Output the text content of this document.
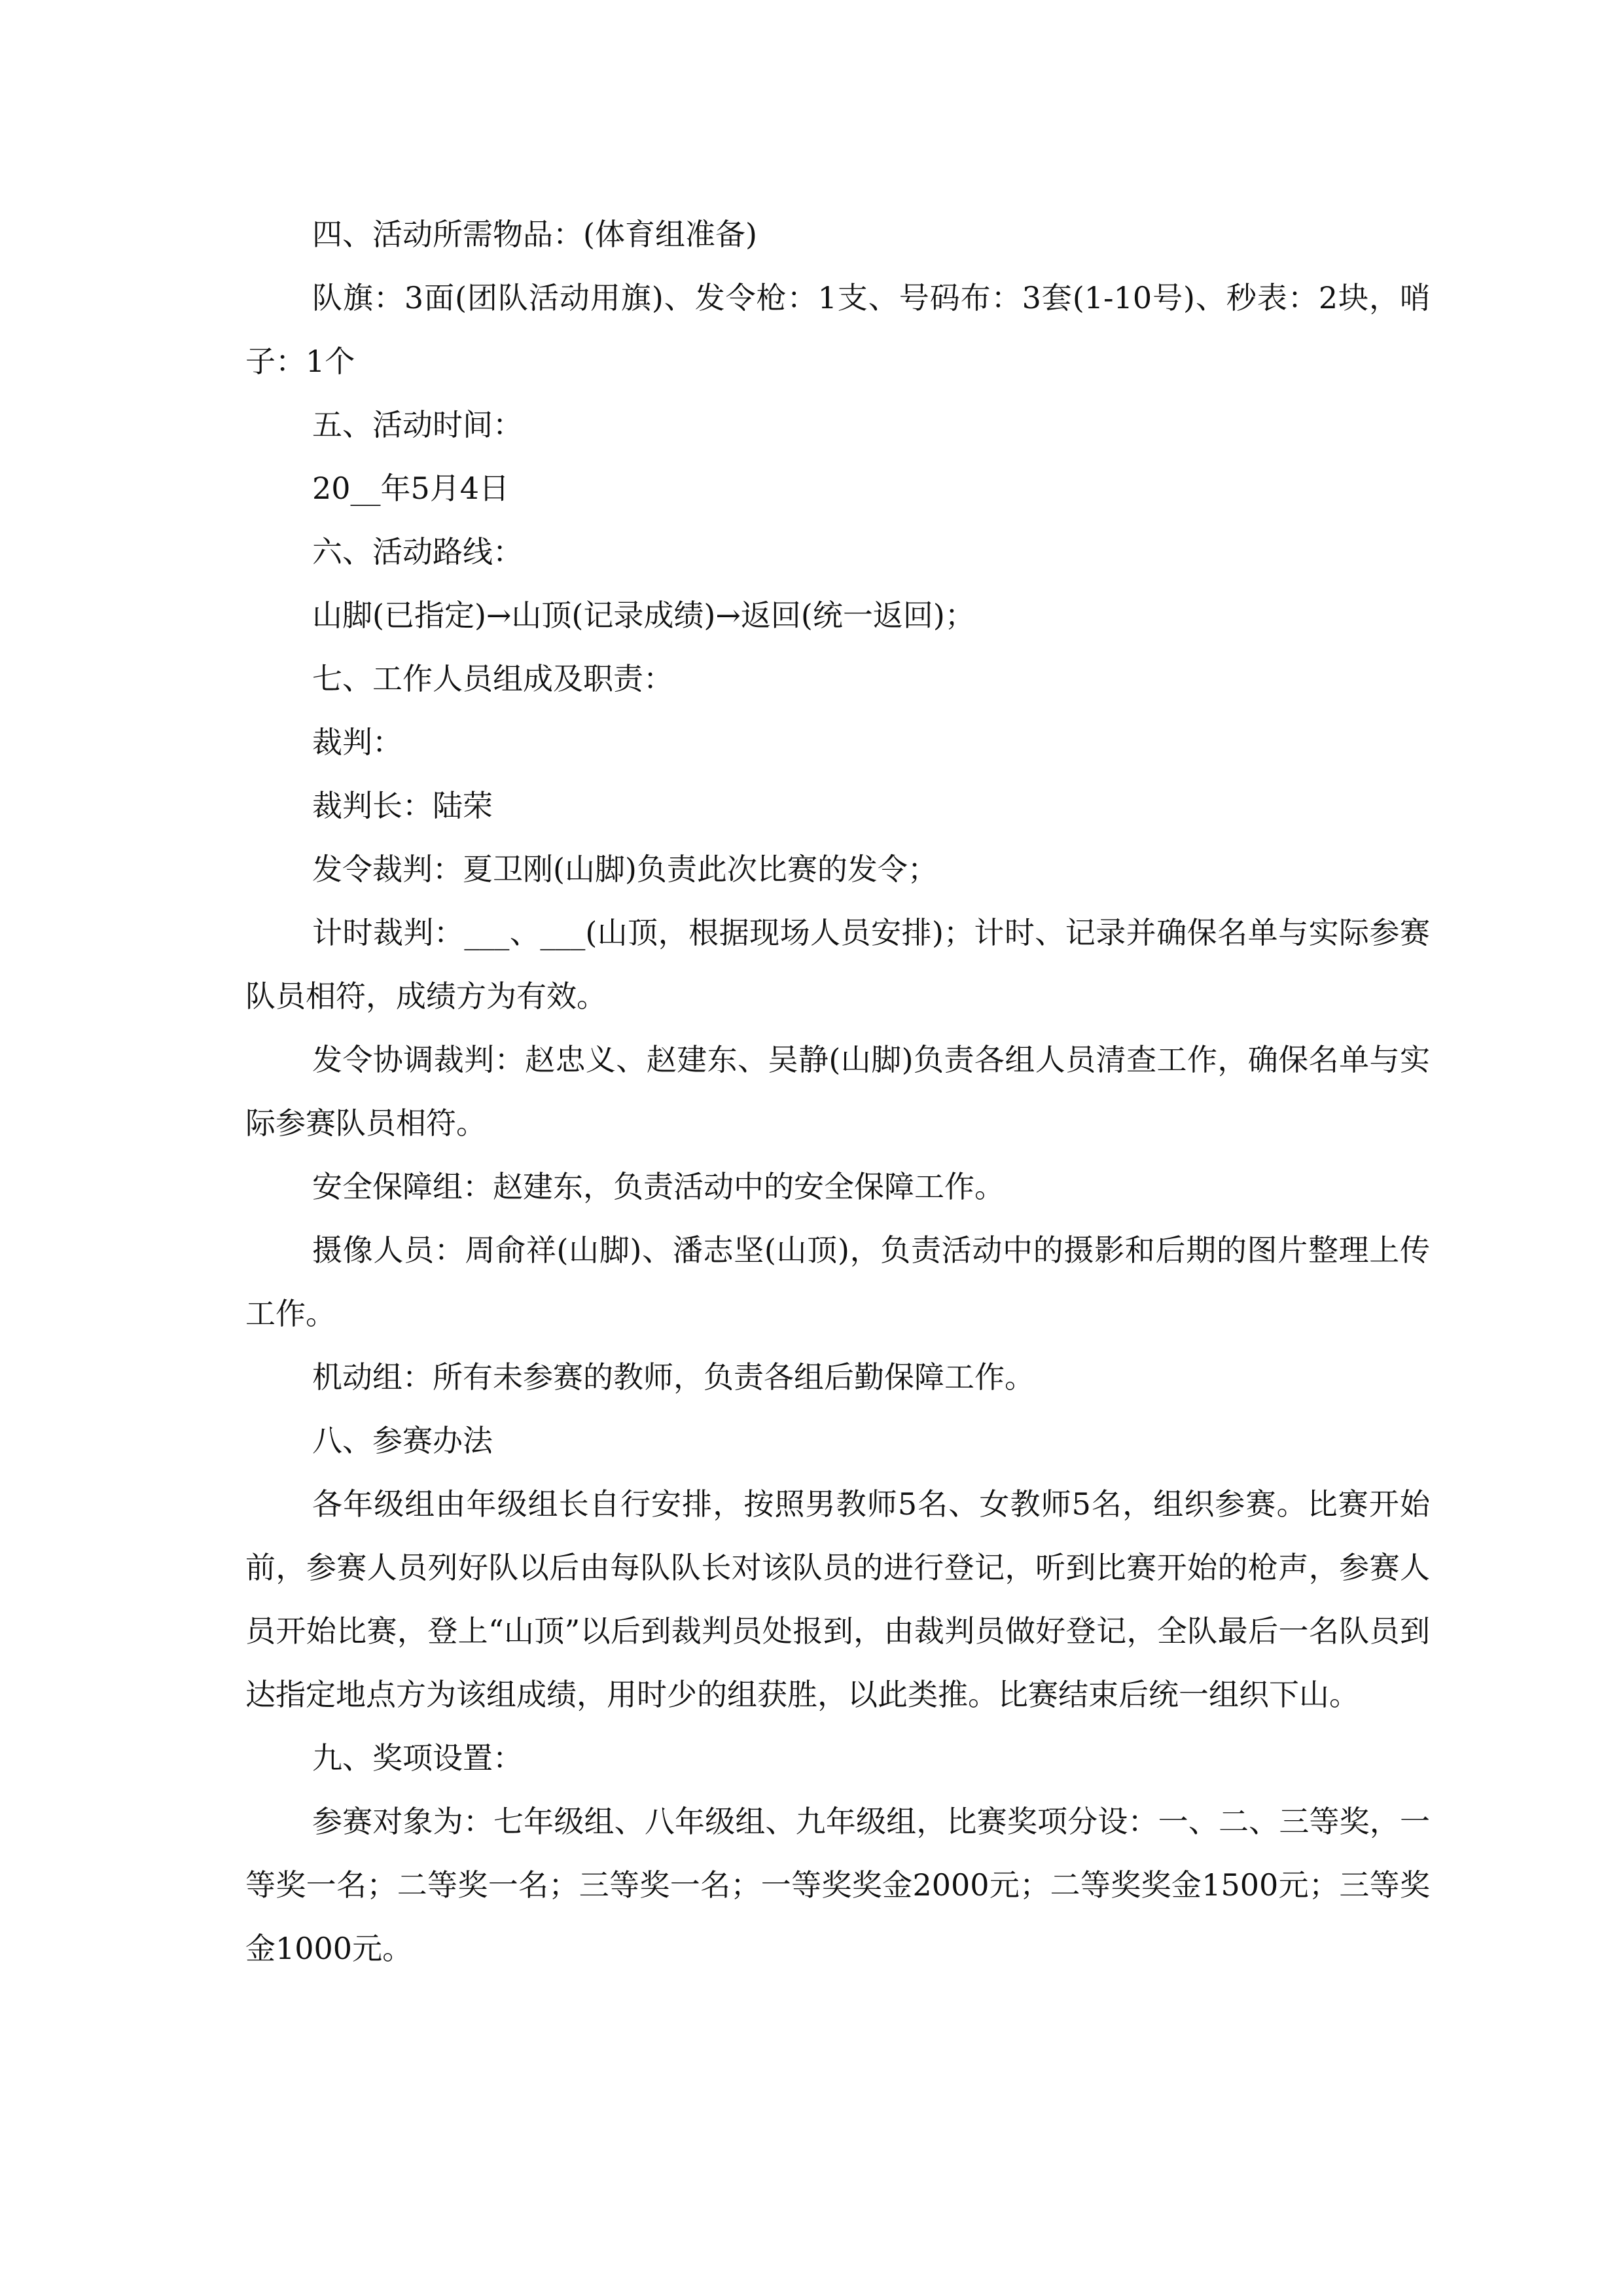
四、活动所需物品：(体育组准备)

队旗：3面(团队活动用旗)、发令枪：1支、号码布：3套(1-10号)、秒表：2块，哨子：1个

五、活动时间：

20__年5月4日

六、活动路线：

山脚(已指定)→山顶(记录成绩)→返回(统一返回)；

七、工作人员组成及职责：

裁判：

裁判长：陆荣

发令裁判：夏卫刚(山脚)负责此次比赛的发令；

计时裁判：___、___(山顶，根据现场人员安排)；计时、记录并确保名单与实际参赛队员相符，成绩方为有效。

发令协调裁判：赵忠义、赵建东、吴静(山脚)负责各组人员清查工作，确保名单与实际参赛队员相符。

安全保障组：赵建东，负责活动中的安全保障工作。

摄像人员：周俞祥(山脚)、潘志坚(山顶)，负责活动中的摄影和后期的图片整理上传工作。

机动组：所有未参赛的教师，负责各组后勤保障工作。

八、参赛办法

各年级组由年级组长自行安排，按照男教师5名、女教师5名，组织参赛。比赛开始前，参赛人员列好队以后由每队队长对该队员的进行登记，听到比赛开始的枪声，参赛人员开始比赛，登上“山顶”以后到裁判员处报到，由裁判员做好登记，全队最后一名队员到达指定地点方为该组成绩，用时少的组获胜，以此类推。比赛结束后统一组织下山。

九、奖项设置：

参赛对象为：七年级组、八年级组、九年级组，比赛奖项分设：一、二、三等奖，一等奖一名；二等奖一名；三等奖一名；一等奖奖金2000元；二等奖奖金1500元；三等奖金1000元。
